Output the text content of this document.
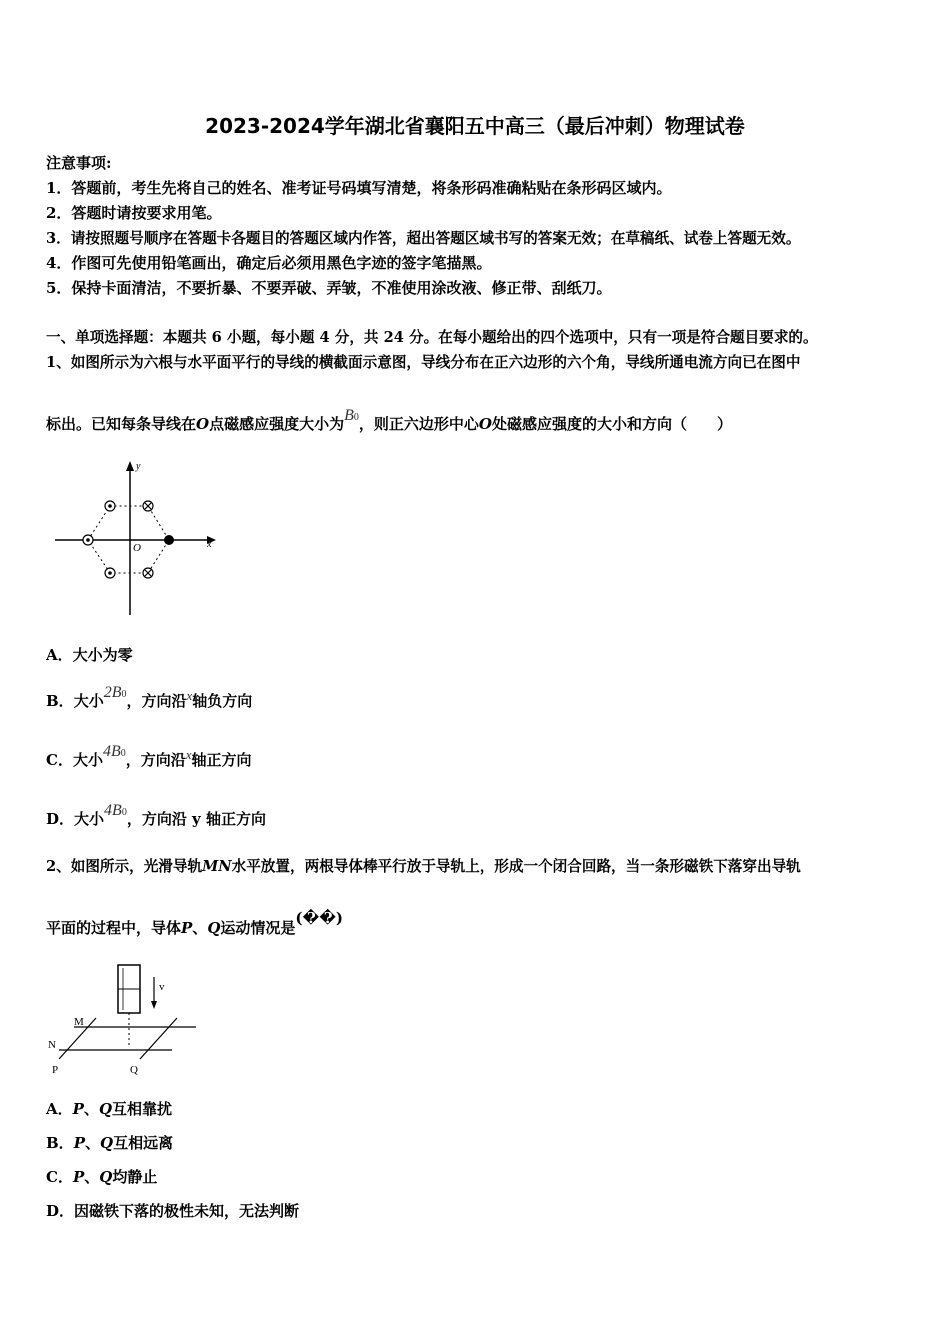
2023-2024学年湖北省襄阳五中高三（最后冲刺）物理试卷
注意事项:
1．答题前，考生先将自己的姓名、准考证号码填写清楚，将条形码准确粘贴在条形码区域内。
2．答题时请按要求用笔。
3．请按照题号顺序在答题卡各题目的答题区域内作答，超出答题区域书写的答案无效；在草稿纸、试卷上答题无效。
4．作图可先使用铅笔画出，确定后必须用黑色字迹的签字笔描黑。
5．保持卡面清洁，不要折暴、不要弄破、弄皱，不准使用涂改液、修正带、刮纸刀。
一、单项选择题：本题共 6 小题，每小题 4 分，共 24 分。在每小题给出的四个选项中，只有一项是符合题目要求的。
1、如图所示为六根与水平面平行的导线的横截面示意图，导线分布在正六边形的六个角，导线所通电流方向已在图中
标出。已知每条导线在O点磁感应强度大小为B0，则正六边形中心O处磁感应强度的大小和方向（　　）
y
x
O
A．大小为零
B．大小2B0，方向沿x轴负方向
C．大小4B0，方向沿x轴正方向
D．大小4B0，方向沿 y 轴正方向
2、如图所示，光滑导轨MN水平放置，两根导体棒平行放于导轨上，形成一个闭合回路，当一条形磁铁下落穿出导轨
平面的过程中，导体P、Q运动情况是(��)
v
M
N
P	Q
A．P、Q互相靠扰
B．P、Q互相远离
C．P、Q均静止
D．因磁铁下落的极性未知，无法判断
